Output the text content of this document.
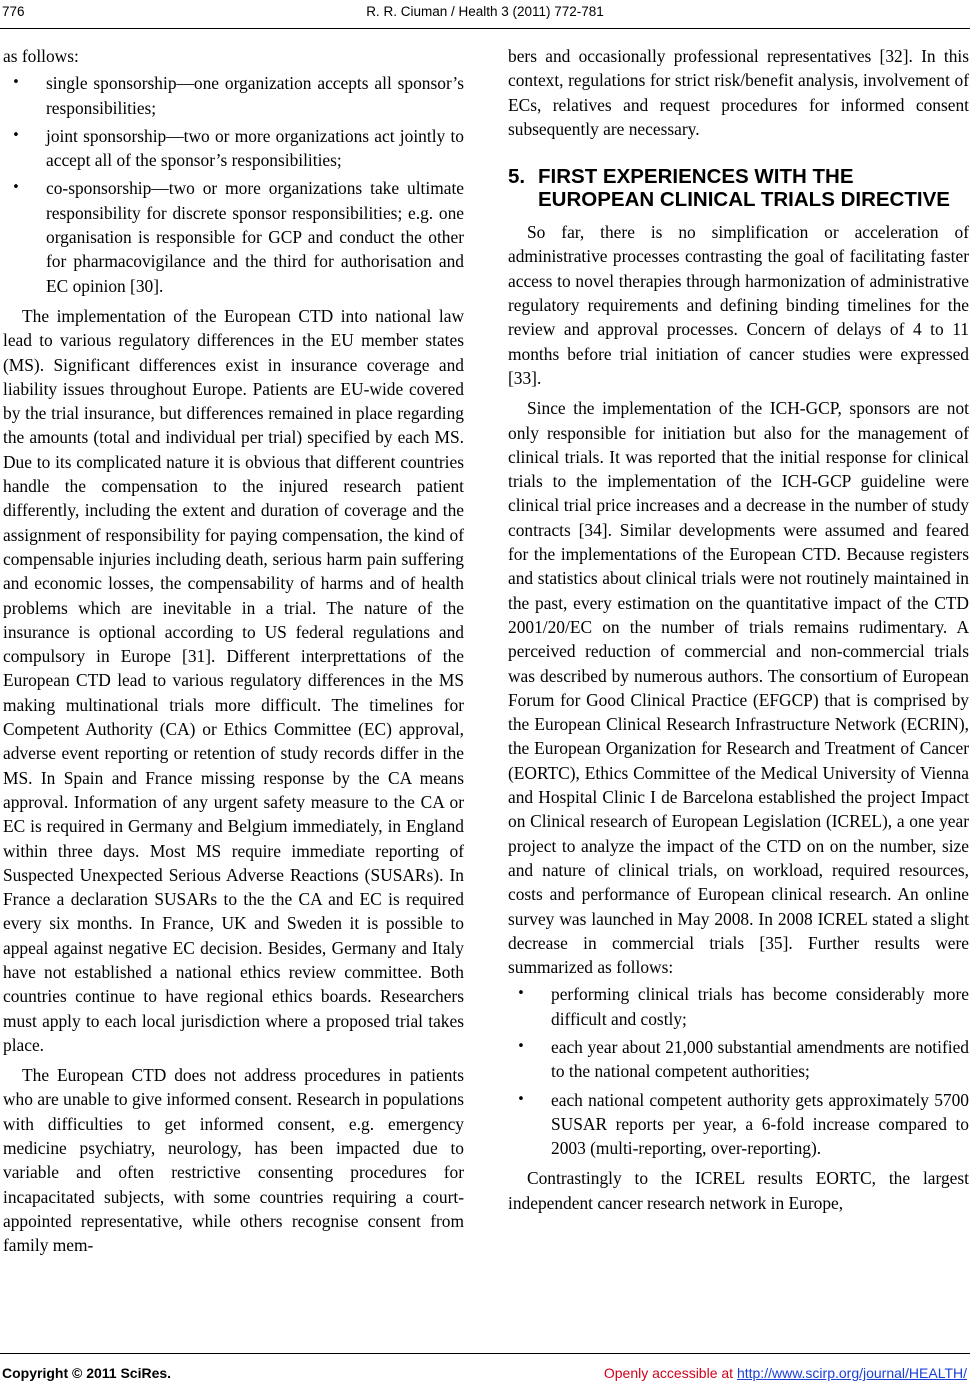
776	R. R. Ciuman / Health 3 (2011) 772-781

as follows:

• single sponsorship—one organization accepts all sponsor’s responsibilities;
• joint sponsorship―two or more organizations act jointly to accept all of the sponsor’s responsibilities;
• co-sponsorship―two or more organizations take ultimate responsibility for discrete sponsor responsibilities; e.g. one organisation is responsible for GCP and conduct the other for pharmacovigilance and the third for authorisation and EC opinion [30].

The implementation of the European CTD into national law lead to various regulatory differences in the EU member states (MS). Significant differences exist in insurance coverage and liability issues throughout Europe. Patients are EU-wide covered by the trial insurance, but differences remained in place regarding the amounts (total and individual per trial) specified by each MS. Due to its complicated nature it is obvious that different countries handle the compensation to the injured research patient differently, including the extent and duration of coverage and the assignment of responsibility for paying compensation, the kind of compensable injuries including death, serious harm pain suffering and economic losses, the compensability of harms and of health problems which are inevitable in a trial. The nature of the insurance is optional according to US federal regulations and compulsory in Europe [31]. Different interprettations of the European CTD lead to various regulatory differences in the MS making multinational trials more difficult. The timelines for Competent Authority (CA) or Ethics Committee (EC) approval, adverse event reporting or retention of study records differ in the MS. In Spain and France missing response by the CA means approval. Information of any urgent safety measure to the CA or EC is required in Germany and Belgium immediately, in England within three days. Most MS require immediate reporting of Suspected Unexpected Serious Adverse Reactions (SUSARs). In France a declaration SUSARs to the the CA and EC is required every six months. In France, UK and Sweden it is possible to appeal against negative EC decision. Besides, Germany and Italy have not established a national ethics review committee. Both countries continue to have regional ethics boards. Researchers must apply to each local jurisdiction where a proposed trial takes place.

The European CTD does not address procedures in patients who are unable to give informed consent. Research in populations with difficulties to get informed consent, e.g. emergency medicine psychiatry, neurology, has been impacted due to variable and often restrictive consenting procedures for incapacitated subjects, with some countries requiring a court-appointed representative, while others recognise consent from family mem-

bers and occasionally professional representatives [32]. In this context, regulations for strict risk/benefit analysis, involvement of ECs, relatives and request procedures for informed consent subsequently are necessary.

5. FIRST EXPERIENCES WITH THE EUROPEAN CLINICAL TRIALS DIRECTIVE

So far, there is no simplification or acceleration of administrative processes contrasting the goal of facilitating faster access to novel therapies through harmonization of administrative regulatory requirements and defining binding timelines for the review and approval processes. Concern of delays of 4 to 11 months before trial initiation of cancer studies were expressed [33].

Since the implementation of the ICH-GCP, sponsors are not only responsible for initiation but also for the management of clinical trials. It was reported that the initial response for clinical trials to the implementation of the ICH-GCP guideline were clinical trial price increases and a decrease in the number of study contracts [34]. Similar developments were assumed and feared for the implementations of the European CTD. Because registers and statistics about clinical trials were not routinely maintained in the past, every estimation on the quantitative impact of the CTD 2001/20/EC on the number of trials remains rudimentary. A perceived reduction of commercial and non-commercial trials was described by numerous authors. The consortium of European Forum for Good Clinical Practice (EFGCP) that is comprised by the European Clinical Research Infrastructure Network (ECRIN), the European Organization for Research and Treatment of Cancer (EORTC), Ethics Committee of the Medical University of Vienna and Hospital Clinic I de Barcelona established the project Impact on Clinical research of European Legislation (ICREL), a one year project to analyze the impact of the CTD on on the number, size and nature of clinical trials, on workload, required resources, costs and performance of European clinical research. An online survey was launched in May 2008. In 2008 ICREL stated a slight decrease in commercial trials [35]. Further results were summarized as follows:

• performing clinical trials has become considerably more difficult and costly;
• each year about 21,000 substantial amendments are notified to the national competent authorities;
• each national competent authority gets approximately 5700 SUSAR reports per year, a 6-fold increase compared to 2003 (multi-reporting, over-reporting).

Contrastingly to the ICREL results EORTC, the largest independent cancer research network in Europe,

Copyright © 2011 SciRes.	Openly accessible at http://www.scirp.org/journal/HEALTH/
